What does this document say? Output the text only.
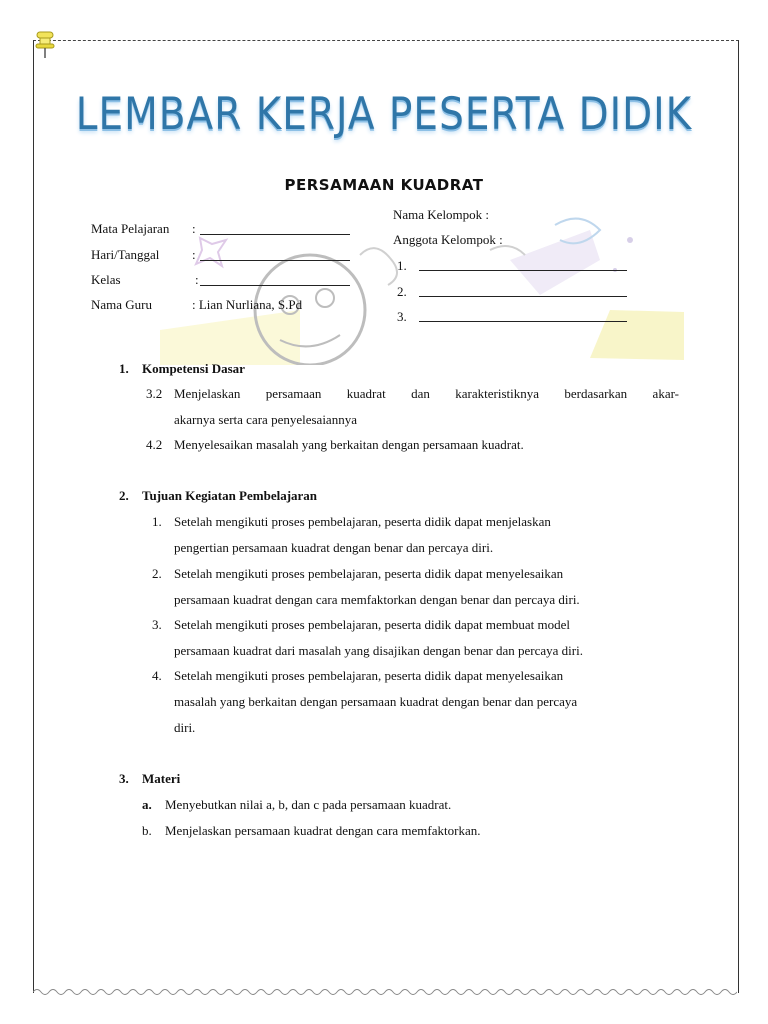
LEMBAR KERJA PESERTA DIDIK
PERSAMAAN KUADRAT
Mata Pelajaran :
Hari/Tanggal	:
Kelas	:
Nama Guru	: Lian Nurliana, S.Pd
Nama Kelompok :
Anggota Kelompok :
1.
2.
3.
1. Kompetensi Dasar
3.2 Menjelaskan persamaan kuadrat dan karakteristiknya berdasarkan akar-
akarnya serta cara penyelesaiannya
4.2 Menyelesaikan masalah yang berkaitan dengan persamaan kuadrat.
2. Tujuan Kegiatan Pembelajaran
1. Setelah mengikuti proses pembelajaran, peserta didik dapat menjelaskan
pengertian persamaan kuadrat dengan benar dan percaya diri.
2. Setelah mengikuti proses pembelajaran, peserta didik dapat menyelesaikan
persamaan kuadrat dengan cara memfaktorkan dengan benar dan percaya diri.
3. Setelah mengikuti proses pembelajaran, peserta didik dapat membuat model
persamaan kuadrat dari masalah yang disajikan dengan benar dan percaya diri.
4. Setelah mengikuti proses pembelajaran, peserta didik dapat menyelesaikan
masalah yang berkaitan dengan persamaan kuadrat dengan benar dan percaya
diri.
3. Materi
a. Menyebutkan nilai a, b, dan c pada persamaan kuadrat.
b. Menjelaskan persamaan kuadrat dengan cara memfaktorkan.
